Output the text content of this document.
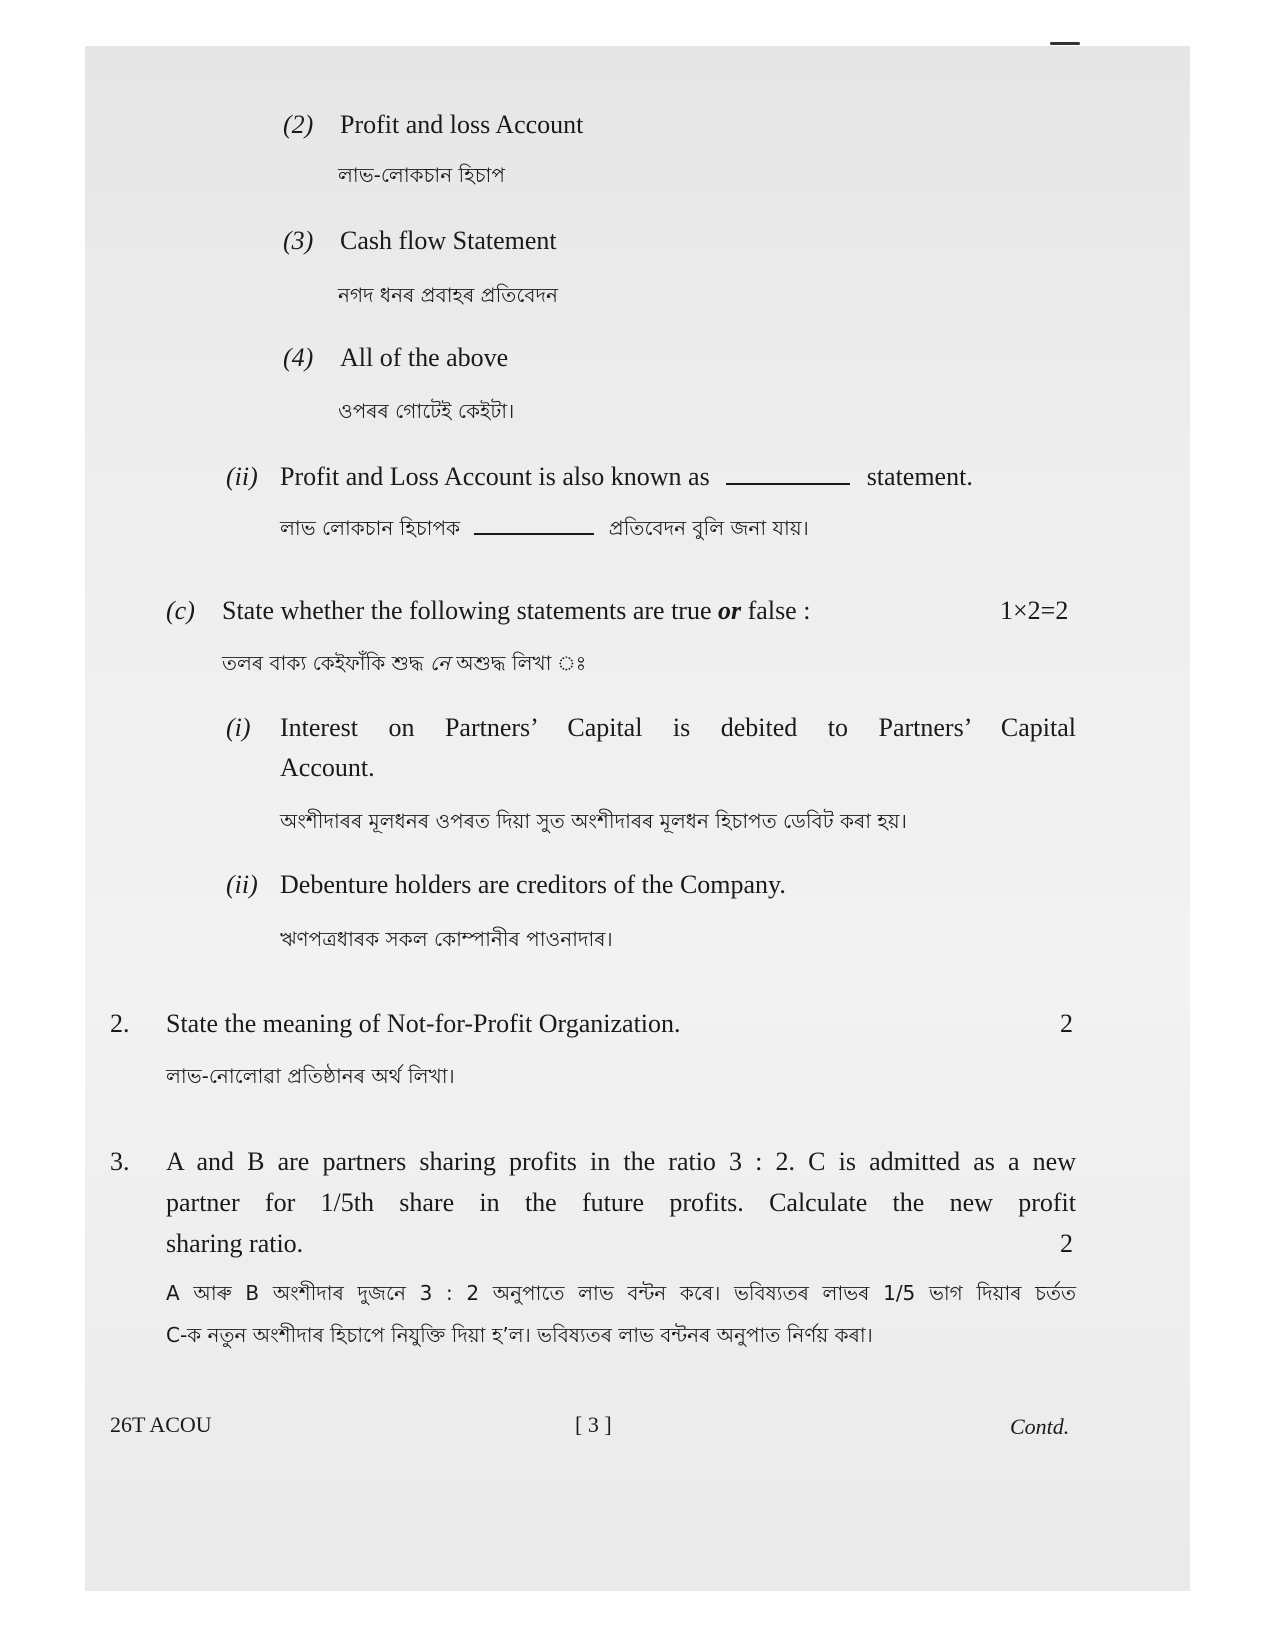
(2) Profit and loss Account
লাভ-লোকচান হিচাপ
(3) Cash flow Statement
নগদ ধনৰ প্ৰবাহৰ প্ৰতিবেদন
(4) All of the above
ওপৰৰ গোটেই কেইটা।
(ii) Profit and Loss Account is also known as	statement.
লাভ লোকচান হিচাপক	প্ৰতিবেদন বুলি জনা যায়।
(c) State whether the following statements are true or false :	1×2=2
তলৰ বাক্য কেইফাঁকি শুদ্ধ নে অশুদ্ধ লিখা ঃ
(i) Interest on Partners’ Capital is debited to Partners’ Capital
Account.
অংশীদাৰৰ মূলধনৰ ওপৰত দিয়া সুত অংশীদাৰৰ মূলধন হিচাপত ডেবিট কৰা হয়।
(ii) Debenture holders are creditors of the Company.
ঋণপত্ৰধাৰক সকল কোম্পানীৰ পাওনাদাৰ।
2. State the meaning of Not-for-Profit Organization.	2
লাভ-নোলোৱা প্ৰতিষ্ঠানৰ অৰ্থ লিখা।
3. A and B are partners sharing profits in the ratio 3 : 2. C is admitted as a new
partner for 1/5th share in the future profits. Calculate the new profit
sharing ratio.	2
A আৰু B অংশীদাৰ দুজনে 3 : 2 অনুপাতে লাভ বন্টন কৰে। ভবিষ্যতৰ লাভৰ 1/5 ভাগ দিয়াৰ চৰ্তত
C-ক নতুন অংশীদাৰ হিচাপে নিযুক্তি দিয়া হ’ল। ভবিষ্যতৰ লাভ বন্টনৰ অনুপাত নিৰ্ণয় কৰা।
26T ACOU	[ 3 ]	Contd.
